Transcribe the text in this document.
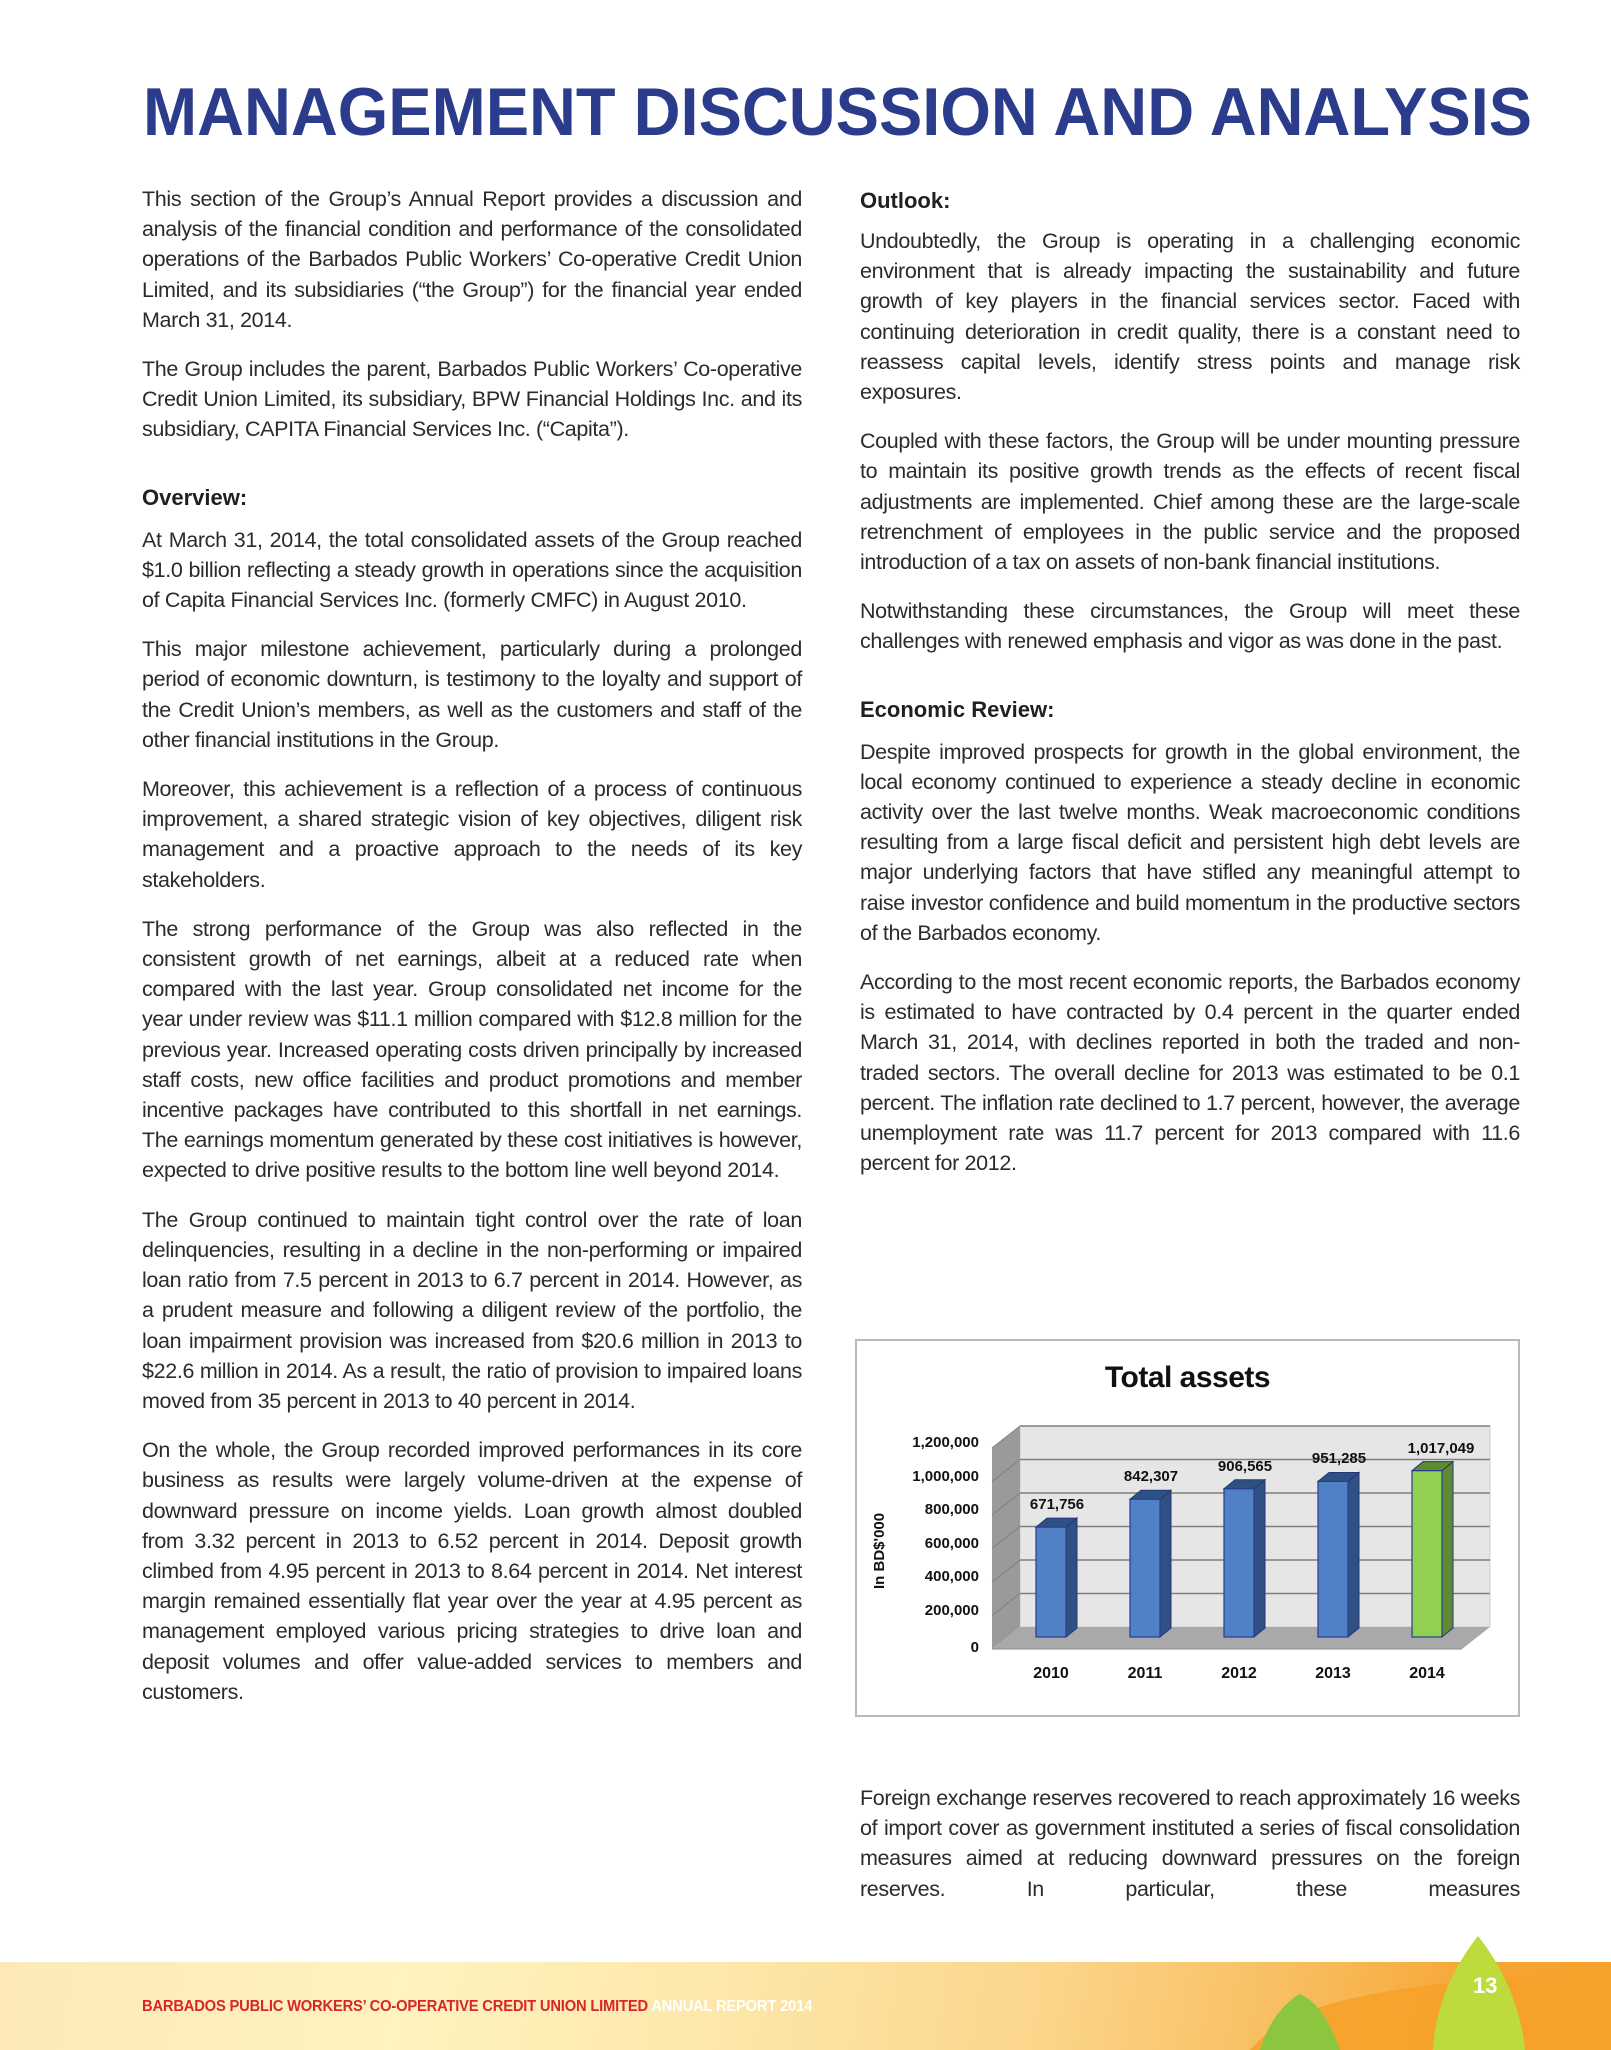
MANAGEMENT DISCUSSION AND ANALYSIS

This section of the Group’s Annual Report provides a discussion and analysis of the financial condition and performance of the consolidated operations of the Barbados Public Workers’ Co-operative Credit Union Limited, and its subsidiaries (“the Group”) for the financial year ended March 31, 2014.

The Group includes the parent, Barbados Public Workers’ Co-operative Credit Union Limited, its subsidiary, BPW Financial Holdings Inc. and its subsidiary, CAPITA Financial Services Inc. (“Capita”).

Overview:

At March 31, 2014, the total consolidated assets of the Group reached $1.0 billion reflecting a steady growth in operations since the acquisition of Capita Financial Services Inc. (formerly CMFC) in August 2010.

This major milestone achievement, particularly during a prolonged period of economic downturn, is testimony to the loyalty and support of the Credit Union’s members, as well as the customers and staff of the other financial institutions in the Group.

Moreover, this achievement is a reflection of a process of continuous improvement, a shared strategic vision of key objectives, diligent risk management and a proactive approach to the needs of its key stakeholders.

The strong performance of the Group was also reflected in the consistent growth of net earnings, albeit at a reduced rate when compared with the last year. Group consolidated net income for the year under review was $11.1 million compared with $12.8 million for the previous year. Increased operating costs driven principally by increased staff costs, new office facilities and product promotions and member incentive packages have contributed to this shortfall in net earnings. The earnings momentum generated by these cost initiatives is however, expected to drive positive results to the bottom line well beyond 2014.

The Group continued to maintain tight control over the rate of loan delinquencies, resulting in a decline in the non-performing or impaired loan ratio from 7.5 percent in 2013 to 6.7 percent in 2014. However, as a prudent measure and following a diligent review of the portfolio, the loan impairment provision was increased from $20.6 million in 2013 to $22.6 million in 2014. As a result, the ratio of provision to impaired loans moved from 35 percent in 2013 to 40 percent in 2014.

On the whole, the Group recorded improved performances in its core business as results were largely volume-driven at the expense of downward pressure on income yields. Loan growth almost doubled from 3.32 percent in 2013 to 6.52 percent in 2014. Deposit growth climbed from 4.95 percent in 2013 to 8.64 percent in 2014. Net interest margin remained essentially flat year over the year at 4.95 percent as management employed various pricing strategies to drive loan and deposit volumes and offer value-added services to members and customers.

Outlook:

Undoubtedly, the Group is operating in a challenging economic environment that is already impacting the sustainability and future growth of key players in the financial services sector. Faced with continuing deterioration in credit quality, there is a constant need to reassess capital levels, identify stress points and manage risk exposures.

Coupled with these factors, the Group will be under mounting pressure to maintain its positive growth trends as the effects of recent fiscal adjustments are implemented. Chief among these are the large-scale retrenchment of employees in the public service and the proposed introduction of a tax on assets of non-bank financial institutions.

Notwithstanding these circumstances, the Group will meet these challenges with renewed emphasis and vigor as was done in the past.

Economic Review:

Despite improved prospects for growth in the global environment, the local economy continued to experience a steady decline in economic activity over the last twelve months. Weak macroeconomic conditions resulting from a large fiscal deficit and persistent high debt levels are major underlying factors that have stifled any meaningful attempt to raise investor confidence and build momentum in the productive sectors of the Barbados economy.

According to the most recent economic reports, the Barbados economy is estimated to have contracted by 0.4 percent in the quarter ended March 31, 2014, with declines reported in both the traded and non-traded sectors. The overall decline for 2013 was estimated to be 0.1 percent. The inflation rate declined to 1.7 percent, however, the average unemployment rate was 11.7 percent for 2013 compared with 11.6 percent for 2012.

Total assets
In BD$'000
0
200,000
400,000
600,000
800,000
1,000,000
1,200,000
671,756
842,307
906,565	951,285
1,017,049
2010	2011	2012	2013	2014

Foreign exchange reserves recovered to reach approximately 16 weeks of import cover as government instituted a series of fiscal consolidation measures aimed at reducing downward pressures on the foreign reserves. In particular, these measures

13
BARBADOS PUBLIC WORKERS’ CO-OPERATIVE CREDIT UNION LIMITED ANNUAL REPORT 2014
